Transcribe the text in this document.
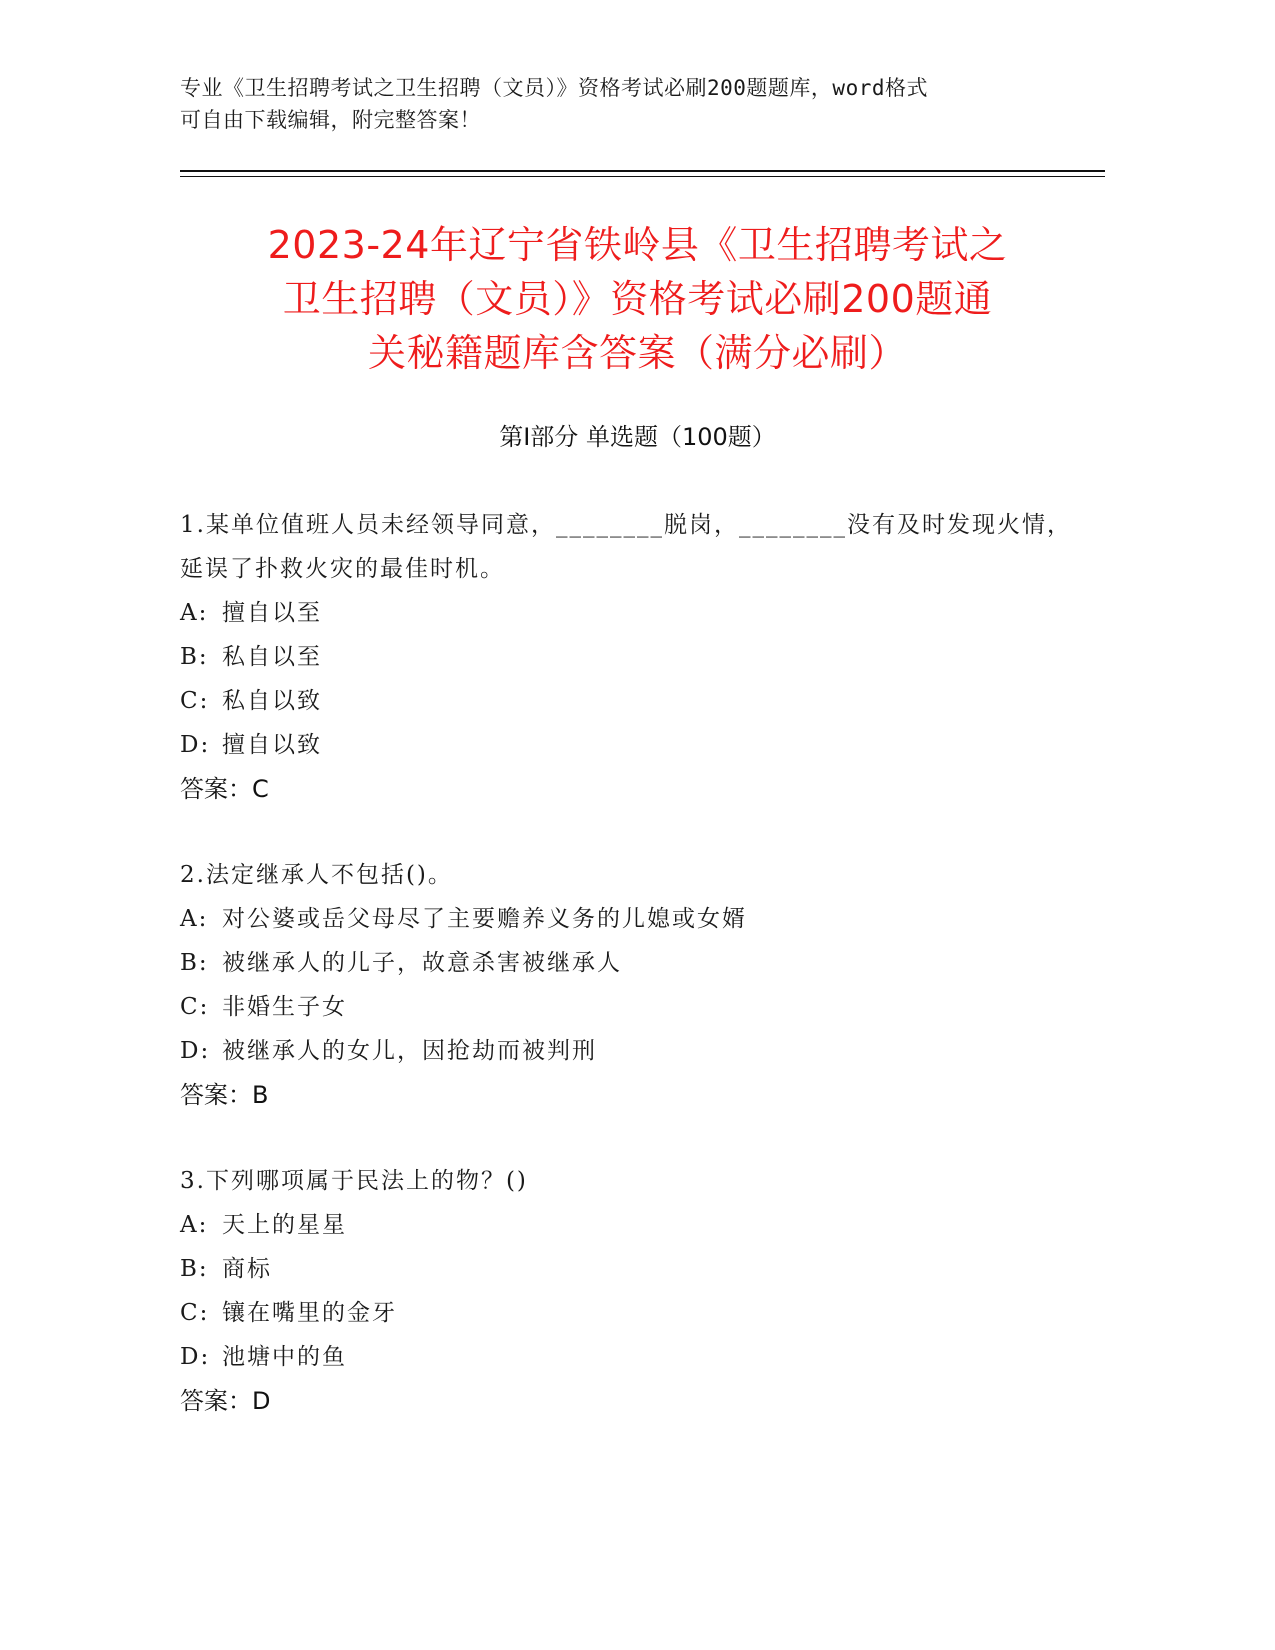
专业《卫生招聘考试之卫生招聘（文员）》资格考试必刷200题题库，word格式
可自由下载编辑，附完整答案！
2023-24年辽宁省铁岭县《卫生招聘考试之
卫生招聘（文员）》资格考试必刷200题通
关秘籍题库含答案（满分必刷）
第Ⅰ部分 单选题（100题）
1.某单位值班人员未经领导同意，________脱岗，________没有及时发现火情，延误了扑救火灾的最佳时机。
A: 擅自以至
B: 私自以至
C: 私自以致
D: 擅自以致
答案：C
2.法定继承人不包括()。
A: 对公婆或岳父母尽了主要赡养义务的儿媳或女婿
B: 被继承人的儿子，故意杀害被继承人
C: 非婚生子女
D: 被继承人的女儿，因抢劫而被判刑
答案：B
3.下列哪项属于民法上的物？()
A: 天上的星星
B: 商标
C: 镶在嘴里的金牙
D: 池塘中的鱼
答案：D
